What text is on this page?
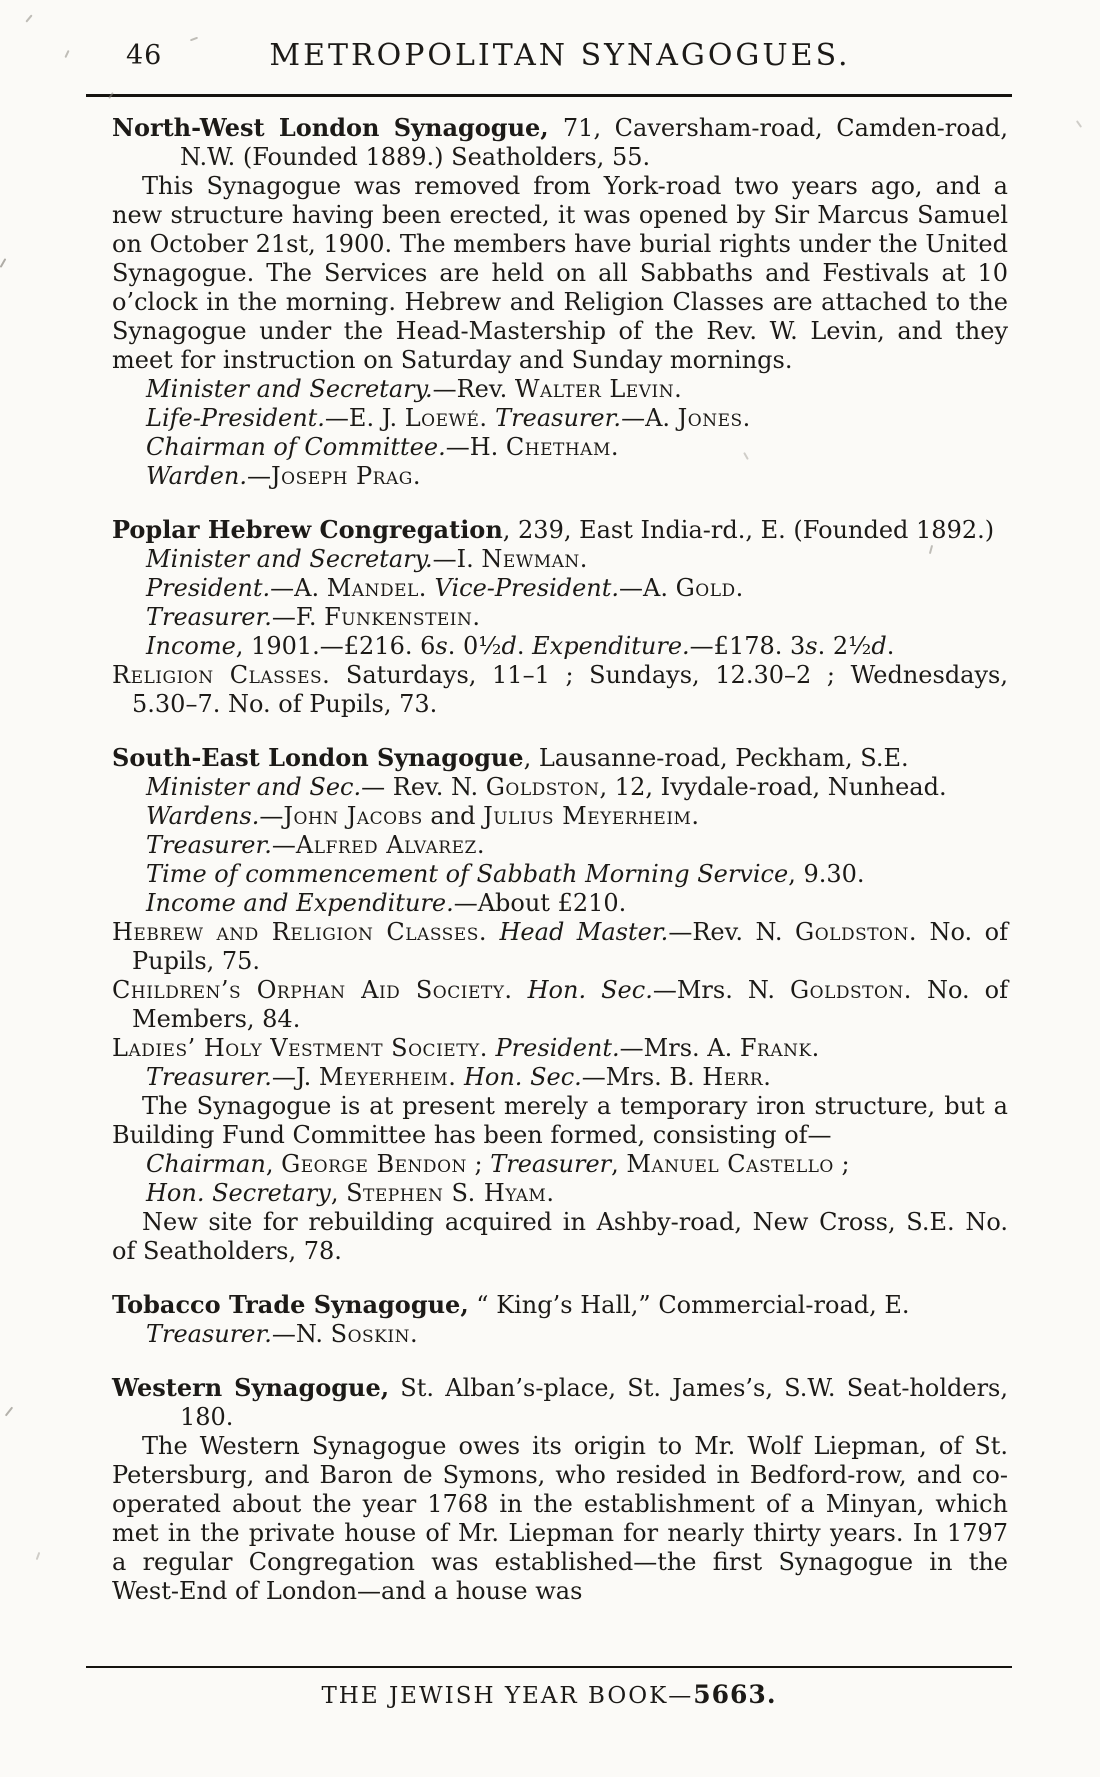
46	METROPOLITAN SYNAGOGUES.

North-West London Synagogue, 71, Caversham-road, Camden-road, N.W. (Founded 1889.) Seatholders, 55.

This Synagogue was removed from York-road two years ago, and a new structure having been erected, it was opened by Sir Marcus Samuel on October 21st, 1900. The members have burial rights under the United Synagogue. The Services are held on all Sabbaths and Festivals at 10 o’clock in the morning. Hebrew and Religion Classes are attached to the Synagogue under the Head-Mastership of the Rev. W. Levin, and they meet for instruction on Saturday and Sunday mornings.

Minister and Secretary.—Rev. Walter Levin.

Life-President.—E. J. Loewé. Treasurer.—A. Jones.

Chairman of Committee.—H. Chetham.

Warden.—Joseph Prag.

Poplar Hebrew Congregation, 239, East India-rd., E. (Founded 1892.)

Minister and Secretary.—I. Newman.

President.—A. Mandel. Vice-President.—A. Gold.

Treasurer.—F. Funkenstein.

Income, 1901.—£216. 6s. 0½d. Expenditure.—£178. 3s. 2½d.

Religion Classes. Saturdays, 11–1 ; Sundays, 12.30–2 ; Wednesdays, 5.30–7. No. of Pupils, 73.

South-East London Synagogue, Lausanne-road, Peckham, S.E.

Minister and Sec.— Rev. N. Goldston, 12, Ivydale-road, Nunhead.

Wardens.—John Jacobs and Julius Meyerheim.

Treasurer.—Alfred Alvarez.

Time of commencement of Sabbath Morning Service, 9.30.

Income and Expenditure.—About £210.

Hebrew and Religion Classes. Head Master.—Rev. N. Goldston. No. of Pupils, 75.

Children’s Orphan Aid Society. Hon. Sec.—Mrs. N. Goldston. No. of Members, 84.

Ladies’ Holy Vestment Society. President.—Mrs. A. Frank.

Treasurer.—J. Meyerheim. Hon. Sec.—Mrs. B. Herr.

The Synagogue is at present merely a temporary iron structure, but a Building Fund Committee has been formed, consisting of—

Chairman, George Bendon ; Treasurer, Manuel Castello ;

Hon. Secretary, Stephen S. Hyam.

New site for rebuilding acquired in Ashby-road, New Cross, S.E. No. of Seatholders, 78.

Tobacco Trade Synagogue, “ King’s Hall,” Commercial-road, E.

Treasurer.—N. Soskin.

Western Synagogue, St. Alban’s-place, St. James’s, S.W. Seat-holders, 180.

The Western Synagogue owes its origin to Mr. Wolf Liepman, of St. Petersburg, and Baron de Symons, who resided in Bedford-row, and co-operated about the year 1768 in the establishment of a Minyan, which met in the private house of Mr. Liepman for nearly thirty years. In 1797 a regular Congregation was established—the first Synagogue in the West-End of London—and a house was

THE JEWISH YEAR BOOK—5663.
